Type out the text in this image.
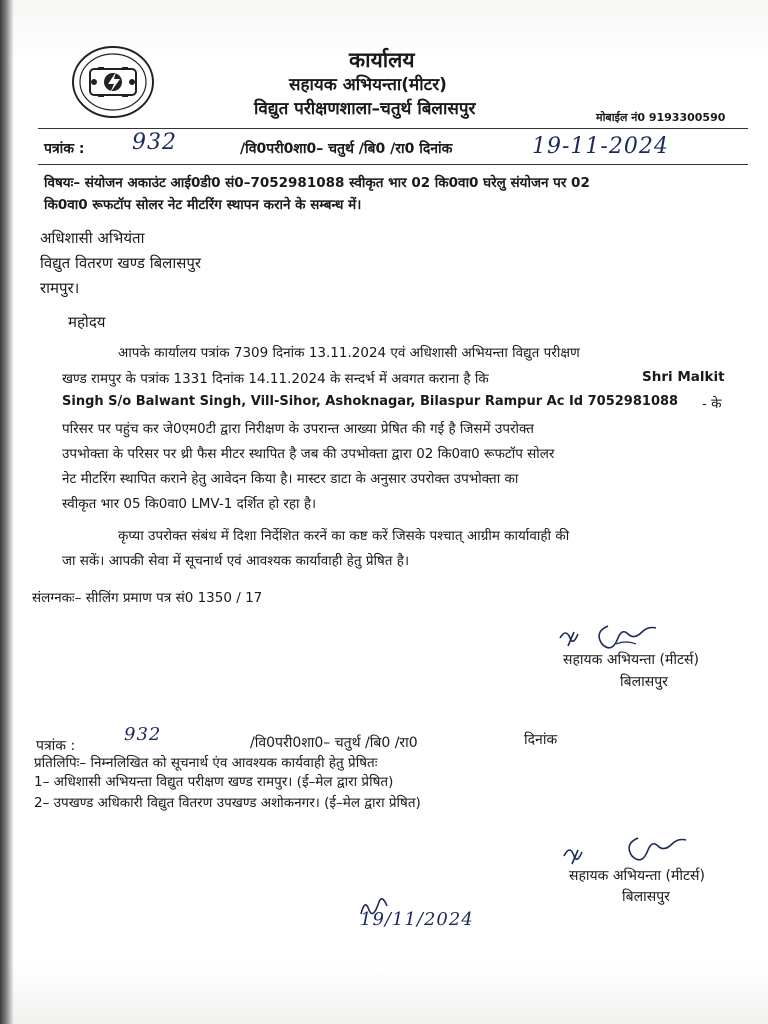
कार्यालय
सहायक अभियन्ता(मीटर)
विद्युत परीक्षणशाला–चतुर्थ बिलासपुर	मोबाईल नं0 9193300590
पत्रांक : 932	/वि0परी0शा0– चतुर्थ /बि0 /रा0 दिनांक	19-11-2024
विषयः– संयोजन अकाउंट आई0डी0 सं0–7052981088 स्वीकृत भार 02 कि0वा0 घरेलु संयोजन पर 02
कि0वा0 रूफटॉप सोलर नेट मीटरिंग स्थापन कराने के सम्बन्ध में।
अधिशासी अभियंता
विद्युत वितरण खण्ड बिलासपुर
रामपुर।
महोदय
आपके कार्यालय पत्रांक 7309 दिनांक 13.11.2024 एवं अधिशासी अभियन्ता विद्युत परीक्षण
खण्ड रामपुर के पत्रांक 1331 दिनांक 14.11.2024 के सन्दर्भ में अवगत कराना है कि	Shri Malkit
Singh S/o Balwant Singh, Vill-Sihor, Ashoknagar, Bilaspur Rampur Ac Id 7052981088 - के
परिसर पर पहुंच कर जे0एम0टी द्वारा निरीक्षण के उपरान्त आख्या प्रेषित की गई है जिसमें उपरोक्त
उपभोक्ता के परिसर पर थ्री फैस मीटर स्थापित है जब की उपभोक्ता द्वारा 02 कि0वा0 रूफटॉप सोलर
नेट मीटरिंग स्थापित कराने हेतु आवेदन किया है। मास्टर डाटा के अनुसार उपरोक्त उपभोक्ता का
स्वीकृत भार 05 कि0वा0 LMV-1 दर्शित हो रहा है।
कृप्या उपरोक्त संबंध में दिशा निर्देशित करनें का कष्ट करें जिसके पश्चात् आग्रीम कार्यावाही की
जा सकें। आपकी सेवा में सूचनार्थ एवं आवश्यक कार्यावाही हेतु प्रेषित है।
संलग्नकः– सीलिंग प्रमाण पत्र सं0 1350 / 17
सहायक अभियन्ता (मीटर्स)
बिलासपुर
पत्रांक :
932	/वि0परी0शा0– चतुर्थ /बि0 /रा0	दिनांक
प्रतिलिपिः– निम्नलिखित को सूचनार्थ एंव आवश्यक कार्यवाही हेतु प्रेषितः
1– अधिशासी अभियन्ता विद्युत परीक्षण खण्ड रामपुर। (ई–मेल द्वारा प्रेषित)
2– उपखण्ड अधिकारी विद्युत वितरण उपखण्ड अशोकनगर। (ई–मेल द्वारा प्रेषित)
सहायक अभियन्ता (मीटर्स)
बिलासपुर
19/11/2024
